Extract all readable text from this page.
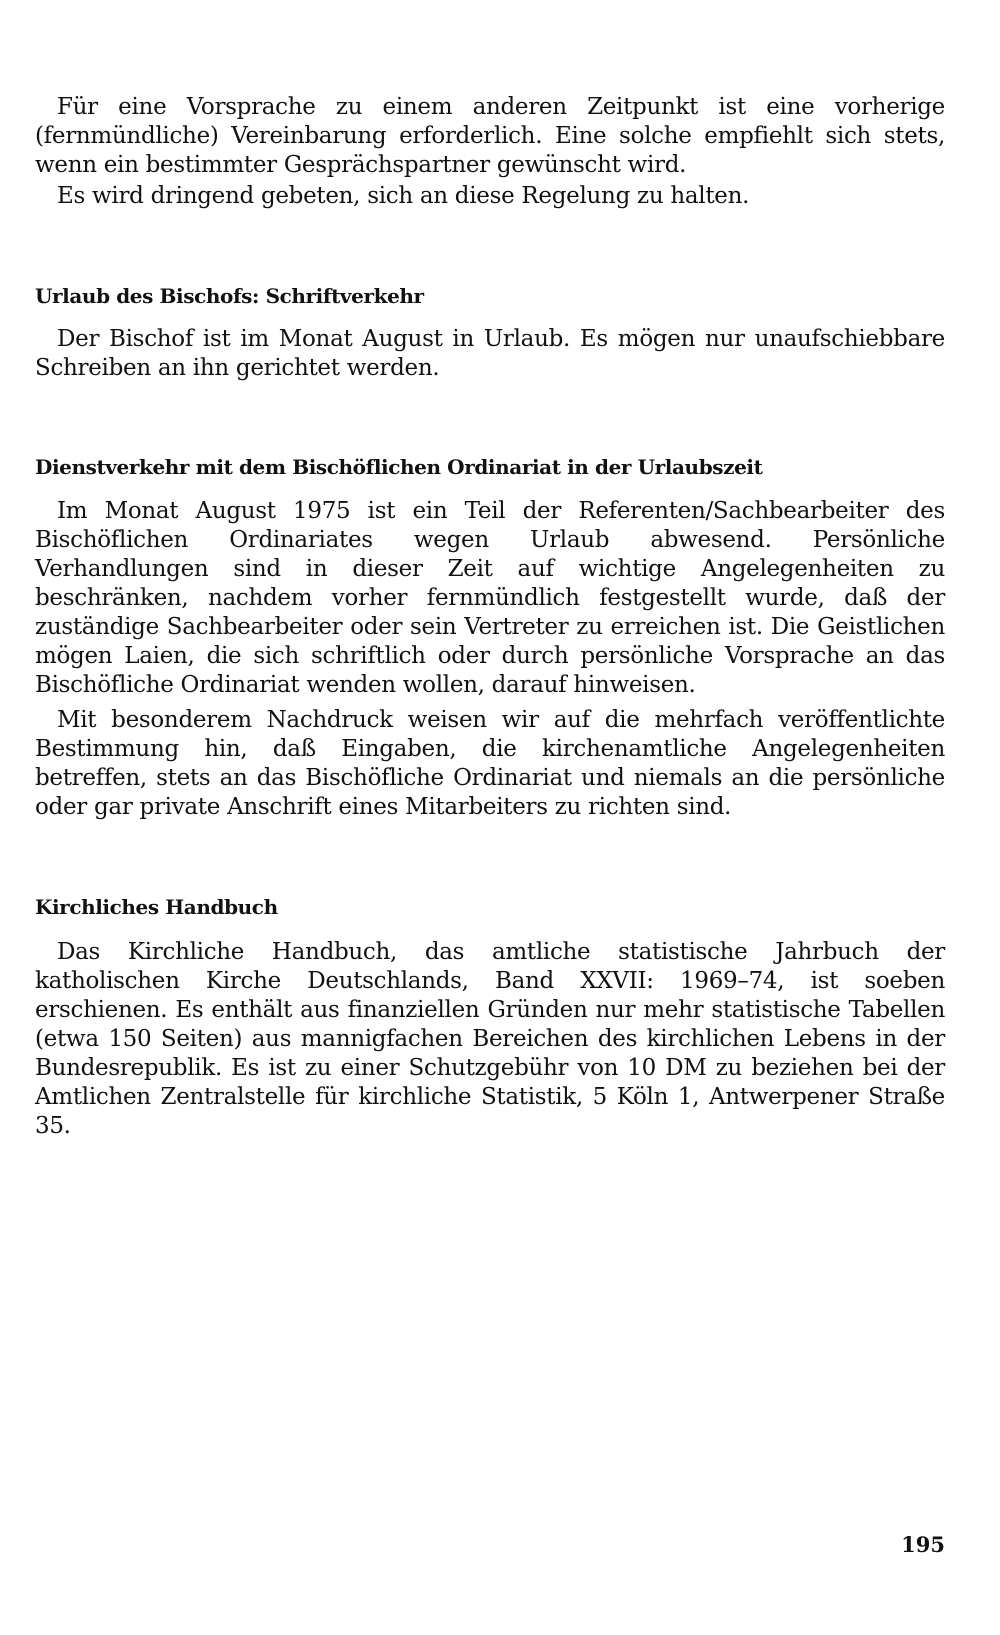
Für eine Vorsprache zu einem anderen Zeitpunkt ist eine vorherige (fernmündliche) Vereinbarung erforderlich. Eine solche empfiehlt sich stets, wenn ein bestimmter Gesprächspartner gewünscht wird.

Es wird dringend gebeten, sich an diese Regelung zu halten.

Urlaub des Bischofs: Schriftverkehr

Der Bischof ist im Monat August in Urlaub. Es mögen nur unaufschiebbare Schreiben an ihn gerichtet werden.

Dienstverkehr mit dem Bischöflichen Ordinariat in der Urlaubszeit

Im Monat August 1975 ist ein Teil der Referenten/Sachbearbeiter des Bischöflichen Ordinariates wegen Urlaub abwesend. Persönliche Verhandlungen sind in dieser Zeit auf wichtige Angelegenheiten zu beschränken, nachdem vorher fernmündlich festgestellt wurde, daß der zuständige Sachbearbeiter oder sein Vertreter zu erreichen ist. Die Geistlichen mögen Laien, die sich schriftlich oder durch persönliche Vorsprache an das Bischöfliche Ordinariat wenden wollen, darauf hinweisen.

Mit besonderem Nachdruck weisen wir auf die mehrfach veröffentlichte Bestimmung hin, daß Eingaben, die kirchenamtliche Angelegenheiten betreffen, stets an das Bischöfliche Ordinariat und niemals an die persönliche oder gar private Anschrift eines Mitarbeiters zu richten sind.

Kirchliches Handbuch

Das Kirchliche Handbuch, das amtliche statistische Jahrbuch der katholischen Kirche Deutschlands, Band XXVII: 1969–74, ist soeben erschienen. Es enthält aus finanziellen Gründen nur mehr statistische Tabellen (etwa 150 Seiten) aus mannigfachen Bereichen des kirchlichen Lebens in der Bundesrepublik. Es ist zu einer Schutzgebühr von 10 DM zu beziehen bei der Amtlichen Zentralstelle für kirchliche Statistik, 5 Köln 1, Antwerpener Straße 35.

195
